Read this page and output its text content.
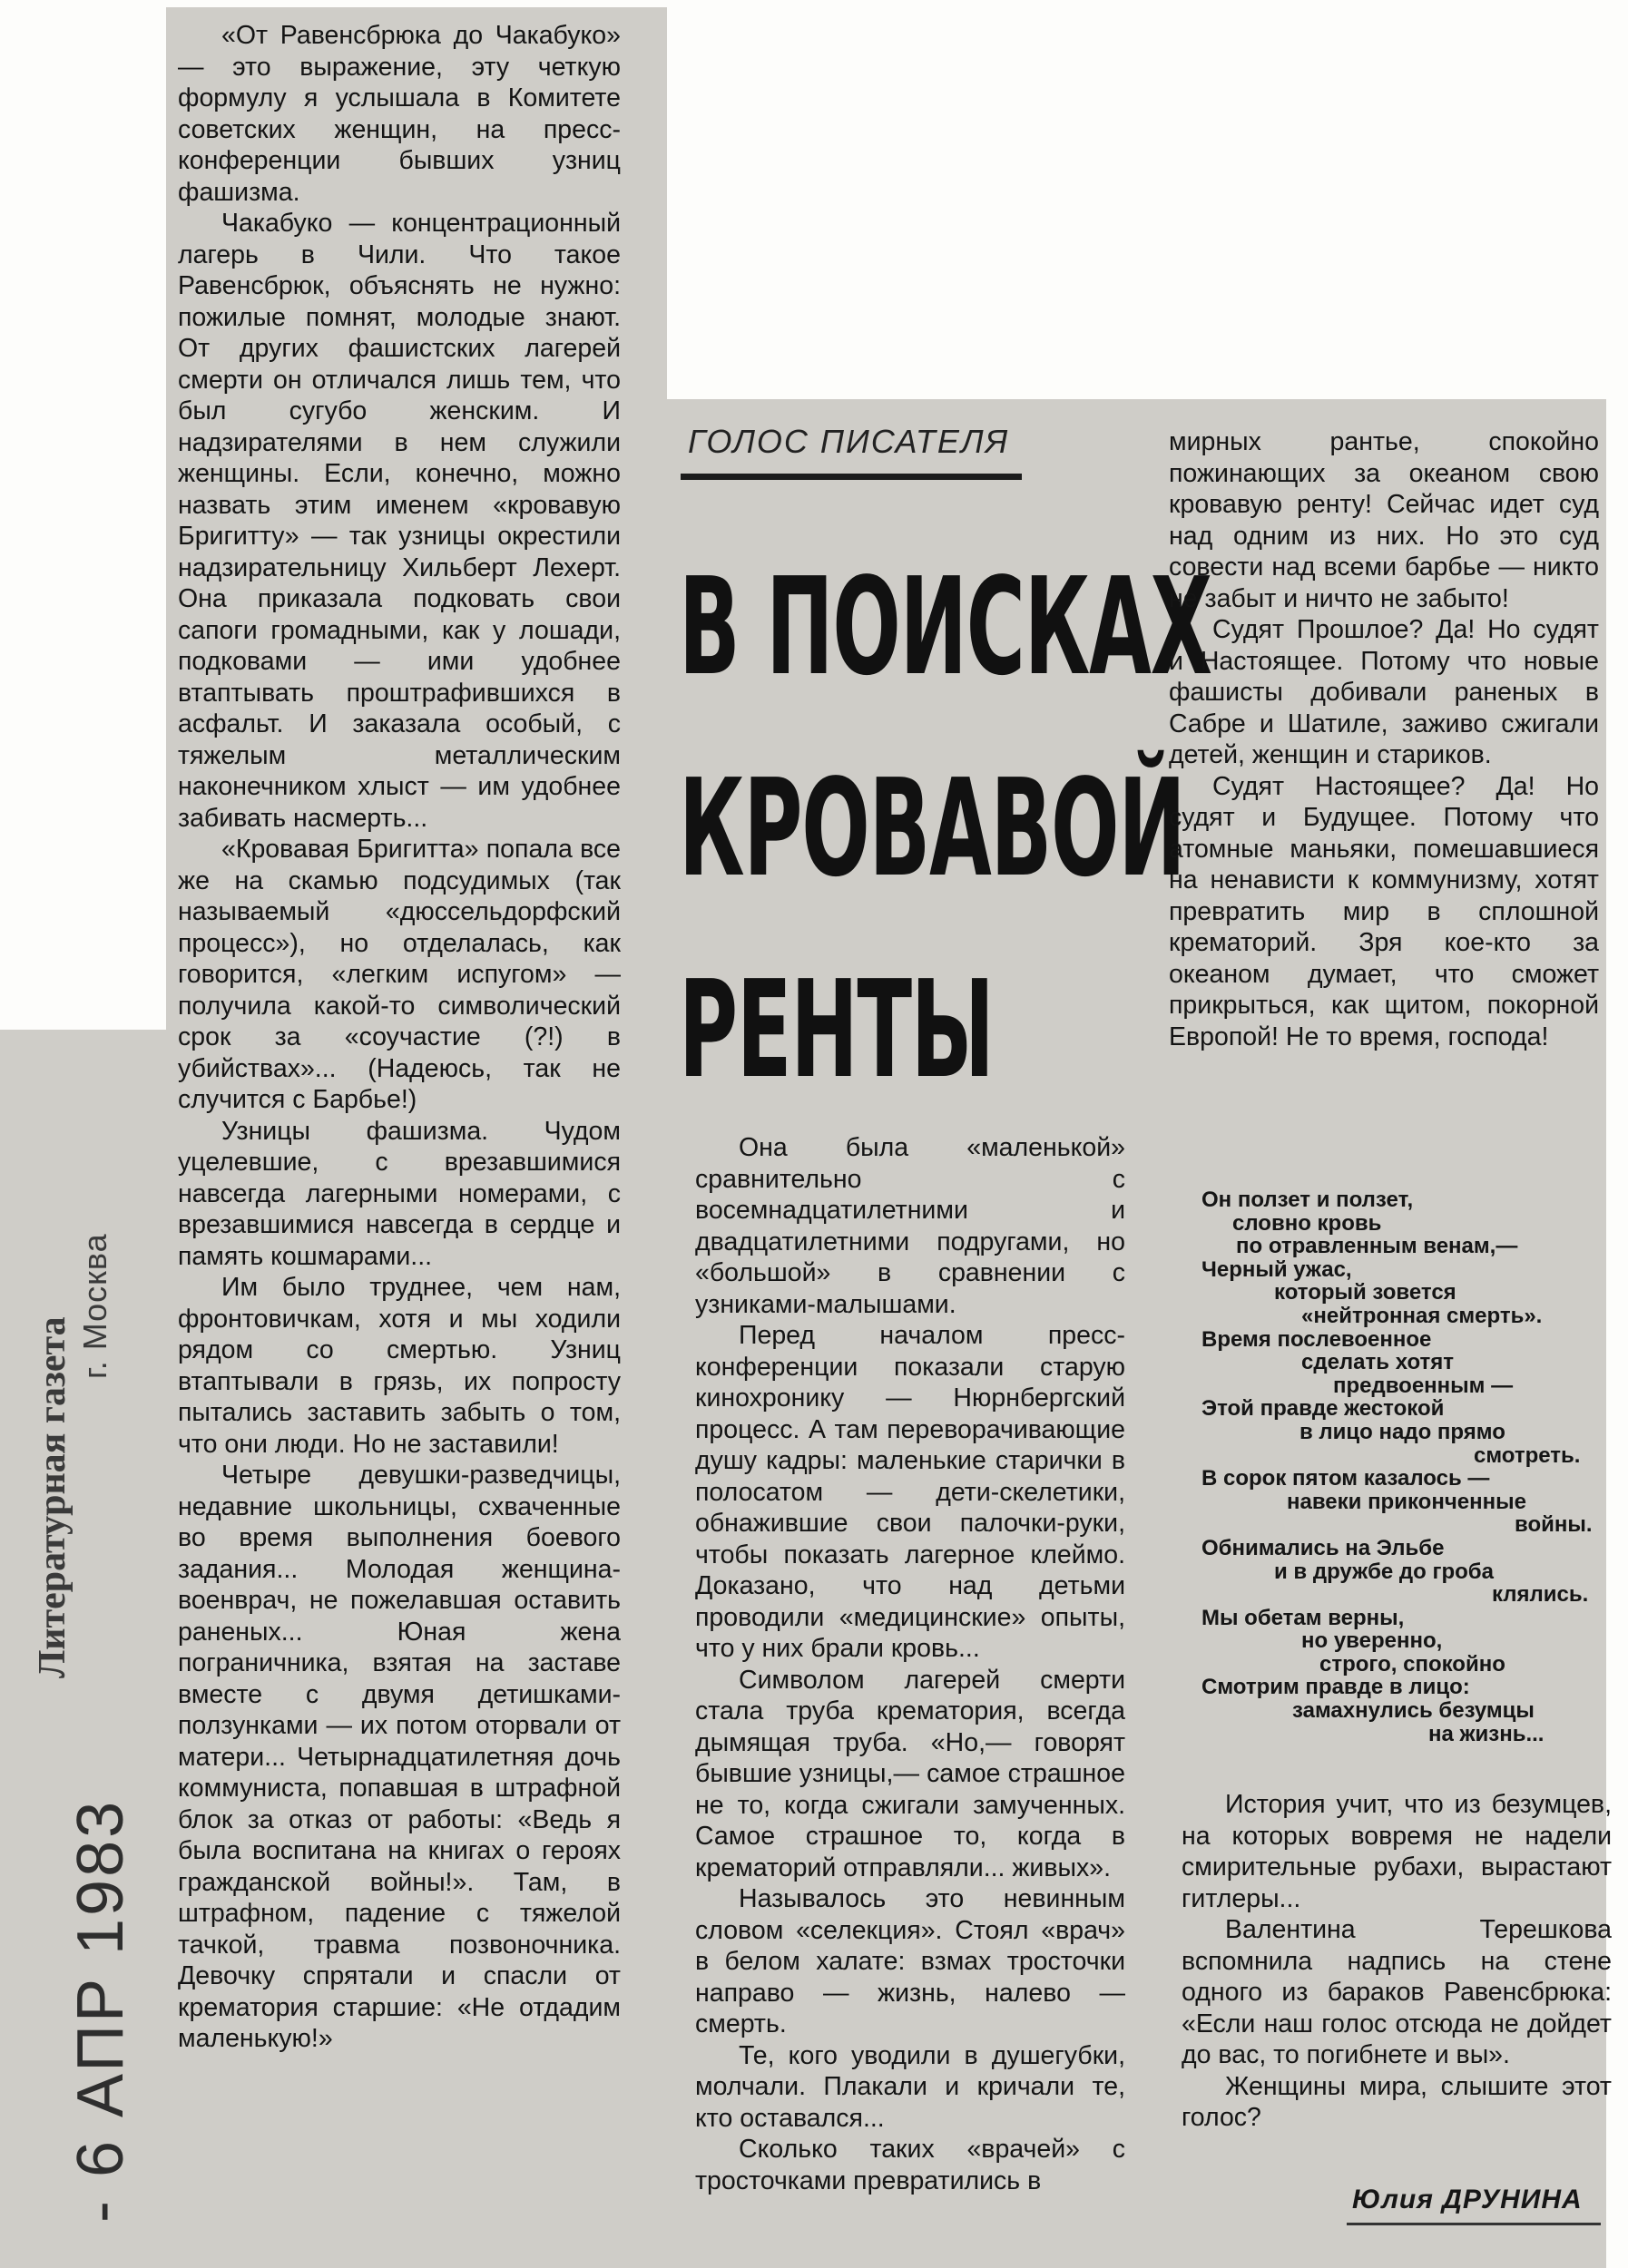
Литературная газета
г. Москва
- 6 АПР 1983

«От Равенсбрюка до Чакабуко» — это выражение, эту четкую формулу я услышала в Комитете советских женщин, на пресс-конференции бывших узниц фашизма.

Чакабуко — концентрационный лагерь в Чили. Что такое Равенсбрюк, объяснять не нужно: пожилые помнят, молодые знают. От других фашистских лагерей смерти он отличался лишь тем, что был сугубо женским. И надзирателями в нем служили женщины. Если, конечно, можно назвать этим именем «кровавую Бригитту» — так узницы окрестили надзирательницу Хильберт Лехерт. Она приказала подковать свои сапоги громадными, как у лошади, подковами — ими удобнее втаптывать проштрафившихся в асфальт. И заказала особый, с тяжелым металлическим наконечником хлыст — им удобнее забивать насмерть...

«Кровавая Бригитта» попала все же на скамью подсудимых (так называемый «дюссельдорфский процесс»), но отделалась, как говорится, «легким испугом» — получила какой-то символический срок за «соучастие (?!) в убийствах»... (Надеюсь, так не случится с Барбье!)

Узницы фашизма. Чудом уцелевшие, с врезавшимися навсегда лагерными номерами, с врезавшимися навсегда в сердце и память кошмарами...

Им было труднее, чем нам, фронтовичкам, хотя и мы ходили рядом со смертью. Узниц втаптывали в грязь, их попросту пытались заставить забыть о том, что они люди. Но не заставили!

Четыре девушки-разведчицы, недавние школьницы, схваченные во время выполнения боевого задания... Молодая женщина-военврач, не пожелавшая оставить раненых... Юная жена пограничника, взятая на заставе вместе с двумя детишками-ползунками — их потом оторвали от матери... Четырнадцатилетняя дочь коммуниста, попавшая в штрафной блок за отказ от работы: «Ведь я была воспитана на книгах о героях гражданской войны!». Там, в штрафном, падение с тяжелой тачкой, травма позвоночника. Девочку спрятали и спасли от крематория старшие: «Не отдадим маленькую!»

ГОЛОС ПИСАТЕЛЯ
В ПОИСКАХ
КРОВАВОЙ
РЕНТЫ

Она была «маленькой» сравнительно с восемнадцатилетними и двадцатилетними подругами, но «большой» в сравнении с узниками-малышами.

Перед началом пресс-конференции показали старую кинохронику — Нюрнбергский процесс. А там переворачивающие душу кадры: маленькие старички в полосатом — дети-скелетики, обнажившие свои палочки-руки, чтобы показать лагерное клеймо. Доказано, что над детьми проводили «медицинские» опыты, что у них брали кровь...

Символом лагерей смерти стала труба крематория, всегда дымящая труба. «Но,— говорят бывшие узницы,— самое страшное не то, когда сжигали замученных. Самое страшное то, когда в крематорий отправляли... живых».

Называлось это невинным словом «селекция». Стоял «врач» в белом халате: взмах тросточки направо — жизнь, налево — смерть.

Те, кого уводили в душегубки, молчали. Плакали и кричали те, кто оставался...

Сколько таких «врачей» с тросточками превратились в

мирных рантье, спокойно пожинающих за океаном свою кровавую ренту! Сейчас идет суд над одним из них. Но это суд совести над всеми барбье — никто не забыт и ничто не забыто!

Судят Прошлое? Да! Но судят и Настоящее. Потому что новые фашисты добивали раненых в Сабре и Шатиле, заживо сжигали детей, женщин и стариков.

Судят Настоящее? Да! Но судят и Будущее. Потому что атомные маньяки, помешавшиеся на ненависти к коммунизму, хотят превратить мир в сплошной крематорий. Зря кое-кто за океаном думает, что сможет прикрыться, как щитом, покорной Европой! Не то время, господа!

Он ползет и ползет,
словно кровь
по отравленным венам,—
Черный ужас,
который зовется
«нейтронная смерть».
Время послевоенное
сделать хотят
предвоенным —
Этой правде жестокой
в лицо надо прямо
смотреть.
В сорок пятом казалось —
навеки приконченные
войны.
Обнимались на Эльбе
и в дружбе до гроба
клялись.
Мы обетам верны,
но уверенно,
строго, спокойно
Смотрим правде в лицо:
замахнулись безумцы
на жизнь...

История учит, что из безумцев, на которых вовремя не надели смирительные рубахи, вырастают гитлеры...

Валентина Терешкова вспомнила надпись на стене одного из бараков Равенсбрюка: «Если наш голос отсюда не дойдет до вас, то погибнете и вы».

Женщины мира, слышите этот голос?

Юлия ДРУНИНА
